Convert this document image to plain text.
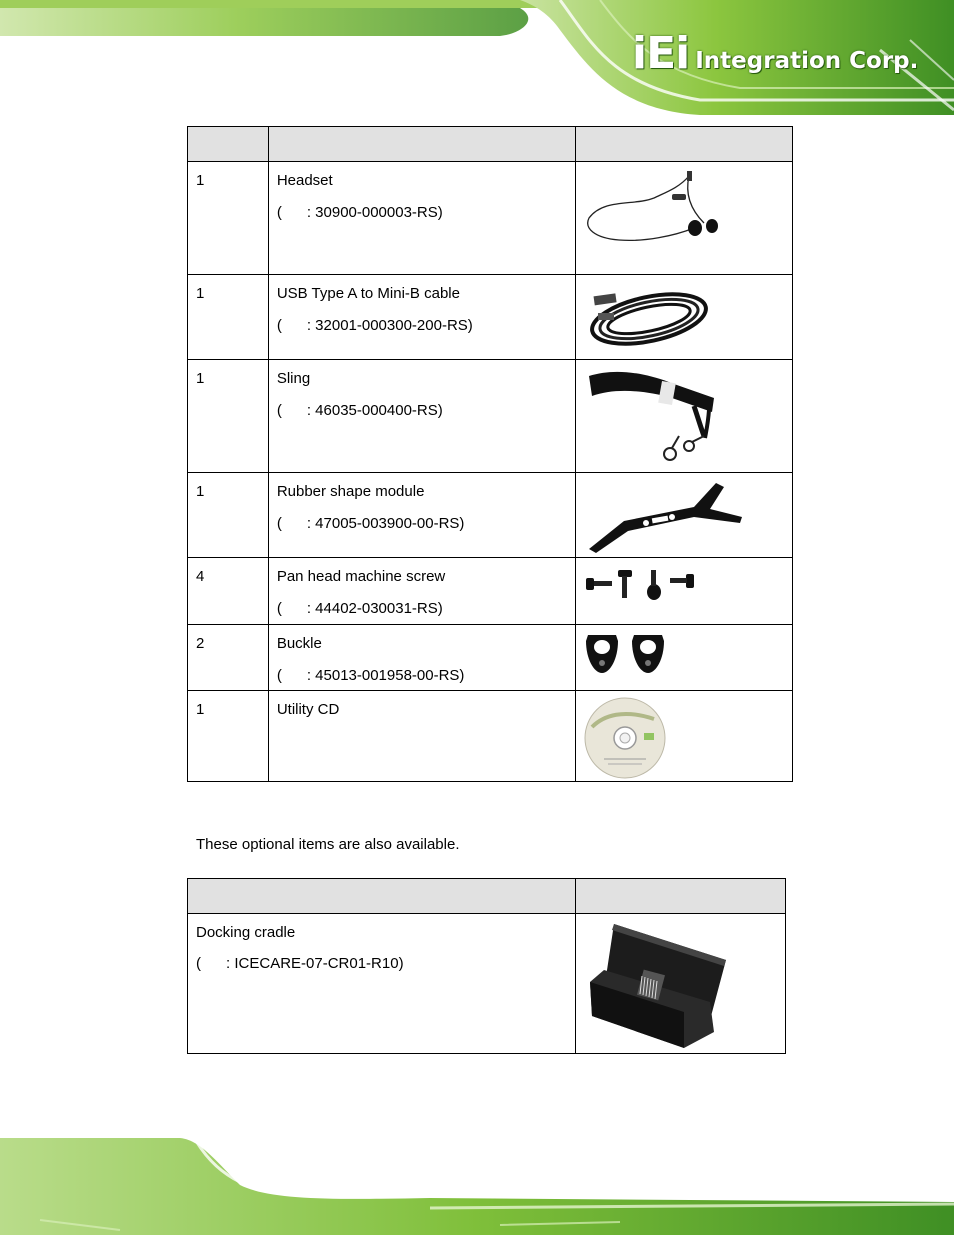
iEi Integration Corp.

1	Headset
( : 30900-000003-RS)

1	USB Type A to Mini-B cable
( : 32001-000300-200-RS)

1	Sling
( : 46035-000400-RS)

1	Rubber shape module
( : 47005-003900-00-RS)

4	Pan head machine screw
( : 44402-030031-RS)

2	Buckle
( : 45013-001958-00-RS)

1	Utility CD

These optional items are also available.

Docking cradle
( : ICECARE-07-CR01-R10)
